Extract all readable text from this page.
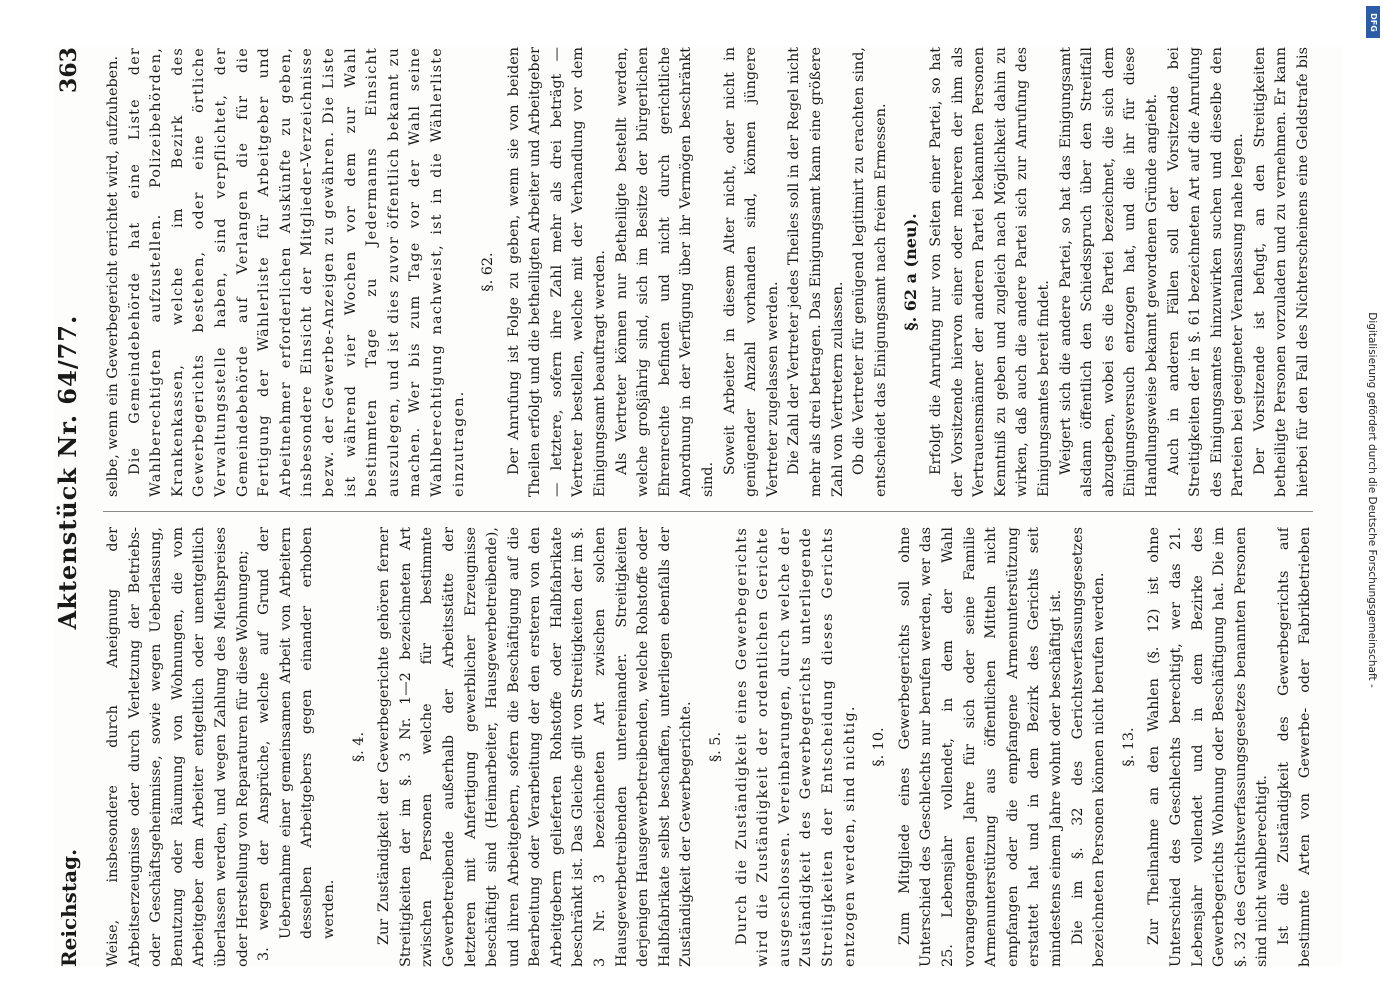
Reichstag.
Aktenstück Nr. 64/77.
363

Weise, insbesondere durch Aneignung der Arbeitserzeugnisse oder durch Verletzung der Betriebs- oder Geschäftsgeheimnisse, sowie wegen Ueberlassung, Benutzung oder Räumung von Wohnungen, die vom Arbeitgeber dem Arbeiter entgeltlich oder unentgeltlich überlassen werden, und wegen Zahlung des Miethspreises oder Herstellung von Reparaturen für diese Wohnungen; 3. wegen der Ansprüche, welche auf Grund der Uebernahme einer gemeinsamen Arbeit von Arbeitern desselben Arbeitgebers gegen einander erhoben werden.

§. 4. Zur Zuständigkeit der Gewerbegerichte gehören ferner Streitigkeiten der im §. 3 Nr. 1—2 bezeichneten Art zwischen Personen welche für bestimmte Gewerbetreibende außerhalb der Arbeitsstätte der letzteren mit Anfertigung gewerblicher Erzeugnisse beschäftigt sind (Heimarbeiter, Hausgewerbetreibende), und ihren Arbeitgebern, sofern die Beschäftigung auf die Bearbeitung oder Verarbeitung der den ersteren von den Arbeitgebern gelieferten Rohstoffe oder Halbfabrikate beschränkt ist. Das Gleiche gilt von Streitigkeiten der im §. 3 Nr. 3 bezeichneten Art zwischen solchen Hausgewerbetreibenden untereinander. Streitigkeiten derjenigen Hausgewerbetreibenden, welche Rohstoffe oder Halbfabrikate selbst beschaffen, unterliegen ebenfalls der Zuständigkeit der Gewerbegerichte. §. 5. Durch die Zuständigkeit eines Gewerbegerichts wird die Zuständigkeit der ordentlichen Gerichte ausgeschlossen. Vereinbarungen, durch welche der Zuständigkeit des Gewerbegerichts unterliegende Streitigkeiten der Entscheidung dieses Gerichts entzogen werden, sind nichtig. §. 10. Zum Mitgliede eines Gewerbegerichts soll ohne Unterschied des Geschlechts nur berufen werden, wer das 25. Lebensjahr vollendet, in dem der Wahl vorangegangenen Jahre für sich oder seine Familie Armenunterstützung aus öffentlichen Mitteln nicht empfangen oder die empfangene Armenunterstützung erstattet hat und in dem Bezirk des Gerichts seit mindestens einem Jahre wohnt oder beschäftigt ist. Die im §. 32 des Gerichtsverfassungsgesetzes bezeichneten Personen können nicht berufen werden. §. 13. Zur Theilnahme an den Wahlen (§. 12) ist ohne Unterschied des Geschlechts berechtigt, wer das 21. Lebensjahr vollendet und in dem Bezirke des Gewerbegerichts Wohnung oder Beschäftigung hat. Die im §. 32 des Gerichtsverfassungsgesetzes benannten Personen sind nicht wahlberechtigt. Ist die Zuständigkeit des Gewerbegerichts auf bestimmte Arten von Gewerbe- oder Fabrikbetrieben

selbe, wenn ein Gewerbegericht errichtet wird, aufzuheben. Die Gemeindebehörde hat eine Liste der Wahlberechtigten aufzustellen. Polizeibehörden, Krankenkassen, welche im Bezirk des Gewerbegerichts bestehen, oder eine örtliche Verwaltungsstelle haben, sind verpflichtet, der Gemeindebehörde auf Verlangen die für die Fertigung der Wählerliste für Arbeitgeber und Arbeitnehmer erforderlichen Auskünfte zu geben, insbesondere Einsicht der Mitglieder-Verzeichnisse bezw. der Gewerbe-Anzeigen zu gewähren. Die Liste ist während vier Wochen vor dem zur Wahl bestimmten Tage zu Jedermanns Einsicht auszulegen, und ist dies zuvor öffentlich bekannt zu machen. Wer bis zum Tage vor der Wahl seine Wahlberechtigung nachweist, ist in die Wählerliste einzutragen.

§. 62. Der Anrufung ist Folge zu geben, wenn sie von beiden Theilen erfolgt und die betheiligten Arbeiter und Arbeitgeber — letztere, sofern ihre Zahl mehr als drei beträgt — Vertreter bestellen, welche mit der Verhandlung vor dem Einigungsamt beauftragt werden. Als Vertreter können nur Betheiligte bestellt werden, welche großjährig sind, sich im Besitze der bürgerlichen Ehrenrechte befinden und nicht durch gerichtliche Anordnung in der Verfügung über ihr Vermögen beschränkt sind.

Soweit Arbeiter in diesem Alter nicht, oder nicht in genügender Anzahl vorhanden sind, können jüngere Vertreter zugelassen werden. Die Zahl der Vertreter jedes Theiles soll in der Regel nicht mehr als drei betragen. Das Einigungsamt kann eine größere Zahl von Vertretern zulassen. Ob die Vertreter für genügend legitimirt zu erachten sind, entscheidet das Einigungsamt nach freiem Ermessen. §. 62 a (neu). Erfolgt die Anrufung nur von Seiten einer Partei, so hat der Vorsitzende hiervon einer oder mehreren der ihm als Vertrauensmänner der anderen Partei bekannten Personen Kenntniß zu geben und zugleich nach Möglichkeit dahin zu wirken, daß auch die andere Partei sich zur Anrufung des Einigungsamtes bereit findet. Weigert sich die andere Partei, so hat das Einigungsamt alsdann öffentlich den Schiedsspruch über den Streitfall abzugeben, wobei es die Partei bezeichnet, die sich dem Einigungsversuch entzogen hat, und die ihr für diese Handlungsweise bekannt gewordenen Gründe angiebt. Auch in anderen Fällen soll der Vorsitzende bei Streitigkeiten der in §. 61 bezeichneten Art auf die Anrufung des Einigungsamtes hinzuwirken suchen und dieselbe den Parteien bei geeigneter Veranlassung nahe legen. Der Vorsitzende ist befugt, an den Streitigkeiten betheiligte Personen vorzuladen und zu vernehmen. Er kann hierbei für den Fall des Nichterscheinens eine Geldstrafe bis

Digitalisierung gefördert durch die Deutsche Forschungsgemeinschaft -
DFG
